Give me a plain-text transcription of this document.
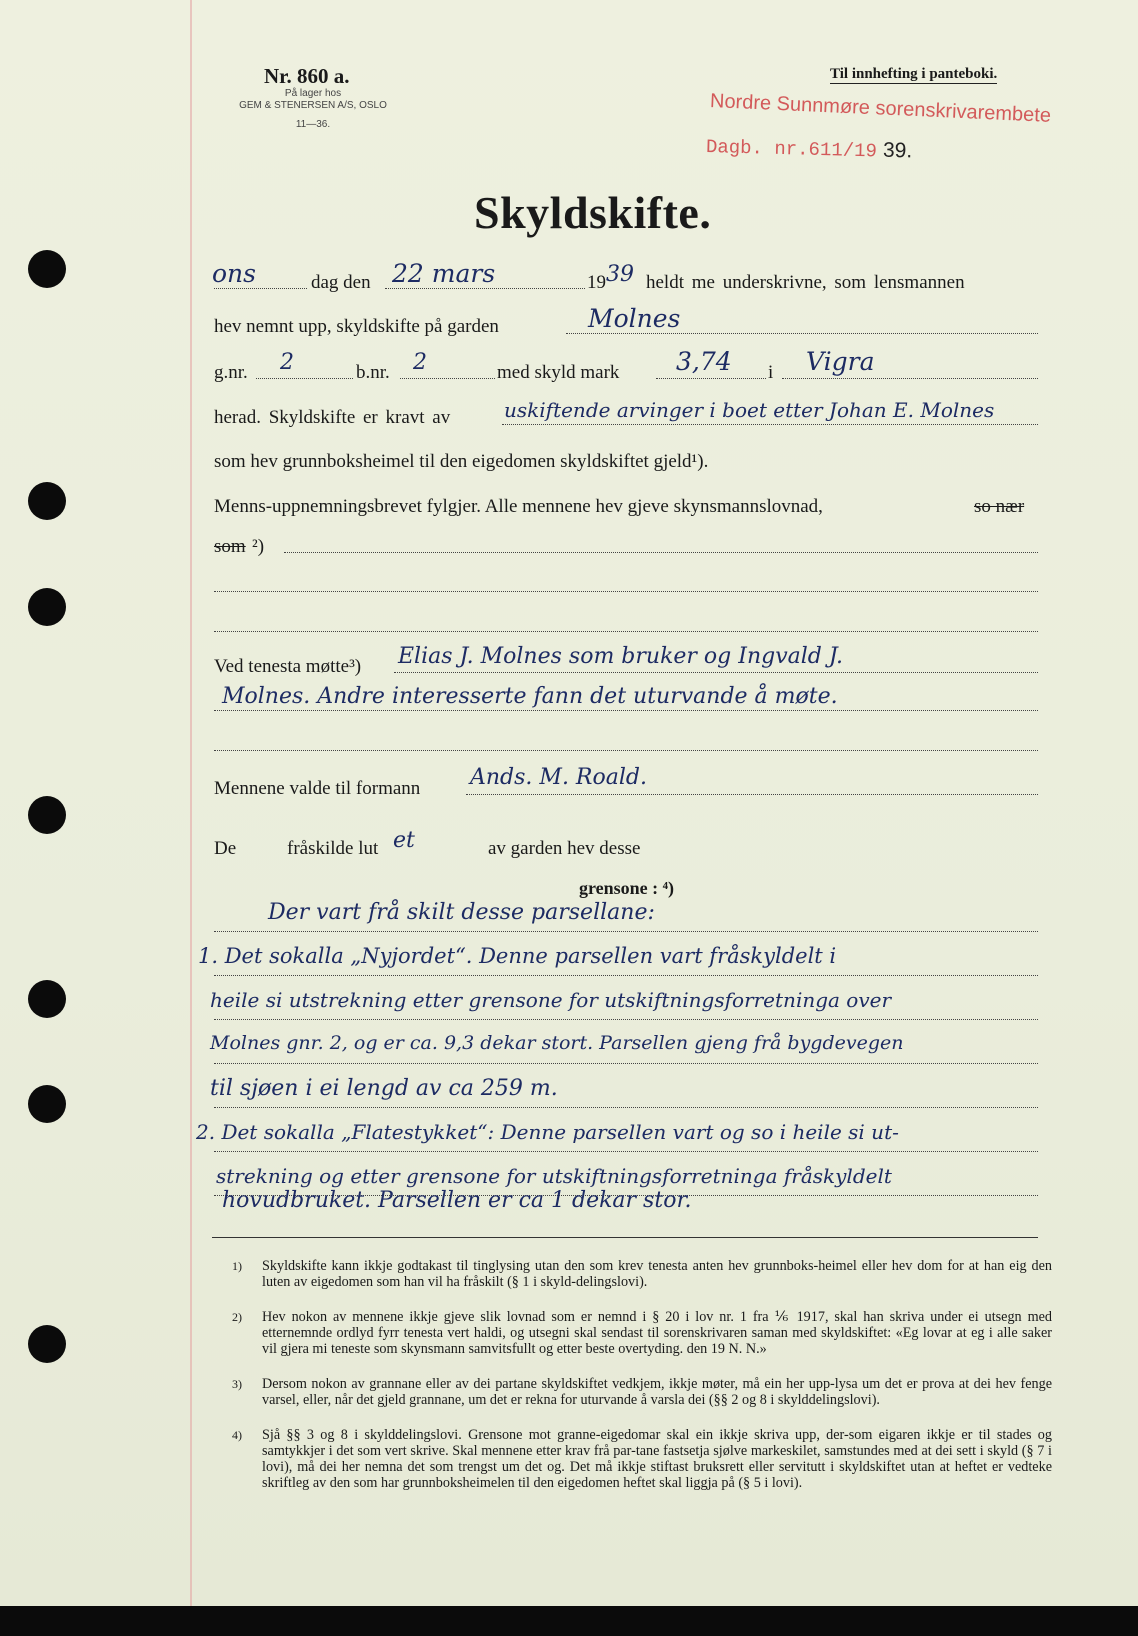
Nr. 860 a.
På lager hos
GEM & STENERSEN A/S, OSLO
11—36.
Til innhefting i panteboki.
Nordre Sunnmøre sorenskrivarembete
Dagb. nr.611/19 39.
Skyldskifte.
ons	dag den 22 mars	19 39 heldt me underskrivne, som lensmannen
hev nemnt upp, skyldskifte på garden	Molnes
g.nr. 2	b.nr. 2	med skyld mark 3,74 i Vigra
herad. Skyldskifte er kravt av	uskiftende arvinger i boet etter Johan E. Molnes
som hev grunnboksheimel til den eigedomen skyldskiftet gjeld¹).
Menns-uppnemningsbrevet fylgjer. Alle mennene hev gjeve skynsmannslovnad,	so nær
som ²)
Ved tenesta møtte³) Elias J. Molnes som bruker og Ingvald J.
Molnes. Andre interesserte fann det uturvande å møte.
Mennene valde til formann Ands. M. Roald.
De	fråskilde lut et	av garden hev desse
grensone : ⁴)
Der vart frå skilt desse parsellane:
1. Det sokalla „Nyjordet“. Denne parsellen vart fråskyldelt i
heile si utstrekning etter grensone for utskiftningsforretninga over
Molnes gnr. 2, og er ca. 9,3 dekar stort. Parsellen gjeng frå bygdevegen
til sjøen i ei lengd av ca 259 m.
2. Det sokalla „Flatestykket“: Denne parsellen vart og so i heile si ut-
strekning og etter grensone for utskiftningsforretninga fråskyldelt
hovudbruket. Parsellen er ca 1 dekar stor.
1) Skyldskifte kann ikkje godtakast til tinglysing utan den som krev tenesta anten hev grunnboks-heimel eller hev dom for at han eig den luten av eigedomen som han vil ha fråskilt (§ 1 i skyld-delingslovi).
2) Hev nokon av mennene ikkje gjeve slik lovnad som er nemnd i § 20 i lov nr. 1 fra ⅙ 1917, skal han skriva under ei utsegn med etternemnde ordlyd fyrr tenesta vert haldi, og utsegni skal sendast til sorenskrivaren saman med skyldskiftet: «Eg lovar at eg i alle saker vil gjera mi teneste som skynsmann samvitsfullt og etter beste overtyding. den 19 N. N.»
3) Dersom nokon av grannane eller av dei partane skyldskiftet vedkjem, ikkje møter, må ein her upp-lysa um det er prova at dei hev fenge varsel, eller, når det gjeld grannane, um det er rekna for uturvande å varsla dei (§§ 2 og 8 i skylddelingslovi).
4) Sjå §§ 3 og 8 i skylddelingslovi. Grensone mot granne-eigedomar skal ein ikkje skriva upp, der-som eigaren ikkje er til stades og samtykkjer i det som vert skrive. Skal mennene etter krav frå par-tane fastsetja sjølve markeskilet, samstundes med at dei sett i skyld (§ 7 i lovi), må dei her nemna det som trengst um det og. Det må ikkje stiftast bruksrett eller servitutt i skyldskiftet utan at heftet er vedteke skriftleg av den som har grunnboksheimelen til den eigedomen heftet skal liggja på (§ 5 i lovi).
